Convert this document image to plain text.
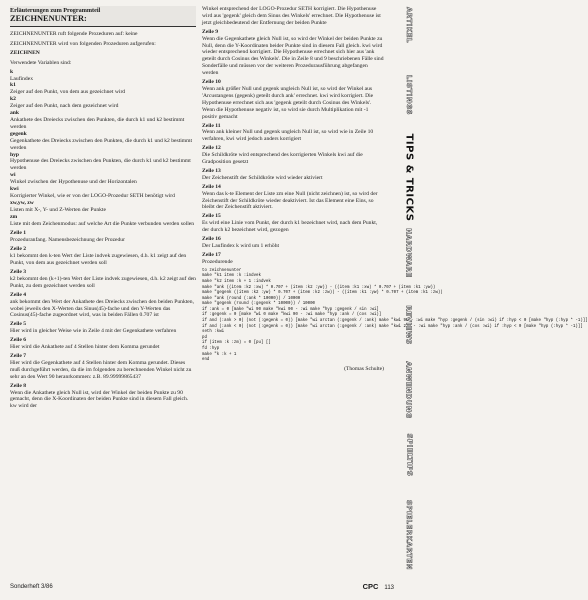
Erläuterungen zum Programmteil
ZEICHNENUNTER:

ZEICHNENUNTER ruft folgende Prozeduren auf: keine

ZEICHNENUNTER wird von folgenden Prozeduren aufgerufen:

ZEICHNEN

Verwendete Variablen sind:

k
Laufindex
k1
Zeiger auf den Punkt, von dem aus gezeichnet wird
k2
Zeiger auf den Punkt, nach dem gezeichnet wird
ank
Ankathete des Dreiecks zwischen den Punkten, die durch k1 und k2 bestimmt werden
gegenk
Gegenkathete des Dreiecks zwischen den Punkten, die durch k1 und k2 bestimmt werden
hyp
Hypothenuse des Dreiecks zwischen den Punkten, die durch k1 und k2 bestimmt werden
wi
Winkel zwischen der Hypothenuse und der Horizontalen
kwi
Korrigierter Winkel, wie er von der LOGO-Prozedur SETH benötigt wird
xw,yw, zw
Listen mit X-, Y- und Z-Werten der Punkte
zm
Liste mit dem Zeichenmodus: auf welche Art die Punkte verbunden werden sollen
Zeile 1
Prozeduranfang. Namensbezeichnung der Prozedur
Zeile 2
k1 bekommt den k-ten Wert der Liste indvek zugewiesen, d.h. k1 zeigt auf den Punkt, von dem aus gezeichnet werden soll
Zeile 3
k2 bekommt den (k+1)-ten Wert der Liste indvek zugewiesen, d.h. k2 zeigt auf den Punkt, zu dem gezeichnet werden soll
Zeile 4
ank bekommt den Wert der Ankathete des Dreiecks zwischen den beiden Punkten, wobei jeweils den X-Werten das Sinus(45)-fache und den Y-Werten das Cosinus(45)-fache zugeordnet wird, was in beiden Fällen 0.707 ist
Zeile 5
Hier wird in gleicher Weise wie in Zeile 4 mit der Gegenkathete verfahren
Zeile 6
Hier wird die Ankathete auf 4 Stellen hinter dem Komma gerundet
Zeile 7
Hier wird die Gegenkathete auf 4 Stellen hinter dem Komma gerundet. Dieses muß durchgeführt werden, da die im folgenden zu berechnenden Winkel nicht zu sehr an den Wert 90 heranrkommen: z.B. 89.99999865437
Zeile 8
Wenn die Ankathete gleich Null ist, wird der Winkel der beiden Punkte zu 90 gemacht, denn die X-Koordinaten der beiden Punkte sind in diesem Fall gleich. kw wird der

Winkel entsprechend der LOGO-Prozedur SETH korrigiert. Die Hypothenuse wird aus 'gegenk' gleich dem Sinus des Winkels' errechnet. Die Hypothenuse ist jetzt gleichbedeutend der Entfernung der beiden Punkte

Zeile 9
Wenn die Gegenkathete gleich Null ist, so wird der Winkel der beiden Punkte zu Null, denn die Y-Koordinaten beider Punkte sind in diesem Fall gleich. kwi wird wieder entsprechend korrigiert. Die Hypothenuse errechnet sich hier aus 'ank geteilt durch Cosinus des Winkels'. Die in Zeile 8 und 9 beschriebenen Fälle sind Sonderfälle und müssen vor der weiteren Prozedurausführung abgefangen werden
Zeile 10
Wenn ank größer Null und gegenk ungleich Null ist, so wird der Winkel aus 'Arcustangens (gegenk) geteilt durch ank' errechnet. kwi wird korrigiert. Die Hypothenuse errechnet sich aus 'gegenk geteilt durch Cosinus des Winkels'. Wenn die Hypothenuse negativ ist, so wird sie durch Multiplikation mit -1 positiv gemacht
Zeile 11
Wenn ank kleiner Null und gegenk ungleich Null ist, so wird wie in Zeile 10 verfahren, kwi wird jedoch anders korrigiert
Zeile 12
Die Schildkröte wird entsprechend des korrigierten Winkels kwi auf die Gradposition gesetzt
Zeile 13
Der Zeichenstift der Schildkröte wird wieder aktiviert
Zeile 14
Wenn das k-te Element der Liste zm eine Null (nicht zeichnen) ist, so wird der Zeichenstift der Schildkröte wieder deaktiviert. Ist das Element eine Eins, so bleibt der Zeichenstift aktiviert.
Zeile 15
Es wird eine Linie vom Punkt, der durch k1 bezeichnet wird, nach dem Punkt, der durch k2 bezeichnet wird, gezogen
Zeile 16
Der Laufindex k wird um 1 erhöht
Zeile 17
Prozedurende
to zeichnenunter
make "k1 item :k :indvek
make "k2 item :k + 1 :indvek
make "ank ((item :k2 :xw) * 0.707 + (item :k2 :yw)) - ((item :k1 :xw) * 0.707 + (item :k1 :yw))
make "gegenk ((item :k2 :yw) * 0.707 + (item :k2 :zw)) - ((item :k1 :yw) * 0.707 + (item :k1 :zw))
make "ank (round (:ank * 10000)) / 10000
make "gegenk (round (:gegenk * 10000)) / 10000
if :ank = 0 [make "wi 90 make "kwi 90 - :wi make "hyp :gegenk / sin :wi]
if :gegenk = 0 [make "wi 0 make "kwi 90 - :wi make "hyp :ank / (cos :wi)]
if and (:ank > 0) (not (:gegenk = 0)) [make "wi arctan (:gegenk / :ank) make "kwi 90 - :wi make "hyp :gegenk / (sin :wi) if :hyp < 0 [make "hyp (:hyp * -1)]]
if and (:ank < 0) (not (:gegenk = 0)) [make "wi arctan (:gegenk / :ank) make "kwi 270 - :wi make "hyp :ank / (cos :wi) if :hyp < 0 [make "hyp (:hyp * -1)]]
seth :kwi
pd
if (item :k :zm) = 0 [pu] []
fd :hyp
make "k :k + 1
end
(Thomas Schulte)
ARTIKEL
LISTINGS
TIPS & TRICKS
HARDWARE
REVIEWS
ANWENDUNG
SPIELTIPS
SPIELERKARTEN
Sonderheft 3/86	CPC 113
